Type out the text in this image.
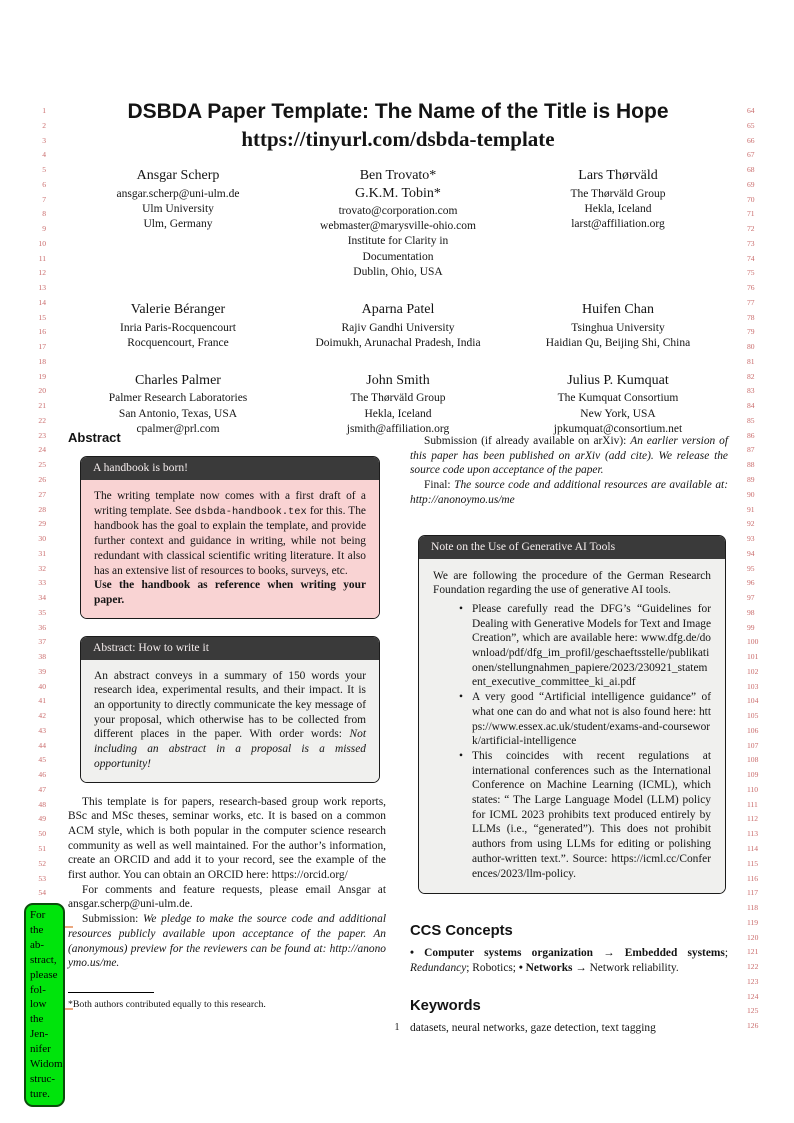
1
2
3
4
5
6
7
8
9
10
11
12
13
14
15
16
17
18
19
20
21
22
23
24
25
26
27
28
29
30
31
32
33
34
35
36
37
38
39
40
41
42
43
44
45
46
47
48
49
50
51
52
53
54
64
65
66
67
68
69
70
71
72
73
74
75
76
77
78
79
80
81
82
83
84
85
86
87
88
89
90
91
92
93
94
95
96
97
98
99
100
101
102
103
104
105
106
107
108
109
110
111
112
113
114
115
116
117
118
119
120
121
122
123
124
125
126
DSBDA Paper Template: The Name of the Title is Hope
https://tinyurl.com/dsbda-template
Ansgar Scherp
ansgar.scherp@uni-ulm.de
Ulm University
Ulm, Germany
Ben Trovato*
G.K.M. Tobin*
trovato@corporation.com
webmaster@marysville-ohio.com
Institute for Clarity in
Documentation
Dublin, Ohio, USA
Lars Thørväld
The Thørväld Group
Hekla, Iceland
larst@affiliation.org
Valerie Béranger
Inria Paris-Rocquencourt
Rocquencourt, France
Aparna Patel
Rajiv Gandhi University
Doimukh, Arunachal Pradesh, India
Huifen Chan
Tsinghua University
Haidian Qu, Beijing Shi, China
Charles Palmer
Palmer Research Laboratories
San Antonio, Texas, USA
cpalmer@prl.com
John Smith
The Thørväld Group
Hekla, Iceland
jsmith@affiliation.org
Julius P. Kumquat
The Kumquat Consortium
New York, USA
jpkumquat@consortium.net
Abstract
A handbook is born!
The writing template now comes with a first draft of a writing template. See dsbda-handbook.tex for this. The handbook has the goal to explain the template, and provide further context and guidance in writing, while not being redundant with classical scientific writing literature. It also has an extensive list of resources to books, surveys, etc.
Use the handbook as reference when writing your paper.
Abstract: How to write it
An abstract conveys in a summary of 150 words your research idea, experimental results, and their impact. It is an opportunity to directly communicate the key message of your proposal, which otherwise has to be collected from different places in the paper. With order words: Not including an abstract in a proposal is a missed opportunity!

This template is for papers, research-based group work reports, BSc and MSc theses, seminar works, etc. It is based on a common ACM style, which is both popular in the computer science research community as well as well maintained. For the author’s information, create an ORCID and add it to your record, see the example of the first author. You can obtain an ORCID here: https://orcid.org/

For comments and feature requests, please email Ansgar at ansgar.scherp@uni-ulm.de.

Submission: We pledge to make the source code and additional resources publicly available upon acceptance of the paper. An (anonymous) preview for the reviewers can be found at: http://anonoymo.us/me.

Submission (if already available on arXiv): An earlier version of this paper has been published on arXiv (add cite). We release the source code upon acceptance of the paper.

Final: The source code and additional resources are available at: http://anonoymo.us/me

Note on the Use of Generative AI Tools

We are following the procedure of the German Research Foundation regarding the use of generative AI tools.

• Please carefully read the DFG’s “Guidelines for Dealing with Generative Models for Text and Image Creation”, which are available here: www.dfg.de/download/pdf/dfg_im_profil/geschaeftsstelle/publikationen/stellungnahmen_papiere/2023/230921_statement_executive_committee_ki_ai.pdf
• A very good “Artificial intelligence guidance” of what one can do and what not is also found here: https://www.essex.ac.uk/student/exams-and-coursework/artificial-intelligence
• This coincides with recent regulations at international conferences such as the International Conference on Machine Learning (ICML), which states: “ The Large Language Model (LLM) policy for ICML 2023 prohibits text produced entirely by LLMs (i.e., “generated”). This does not prohibit authors from using LLMs for editing or polishing author-written text.”. Source: https://icml.cc/Conferences/2023/llm-policy.
CCS Concepts

• Computer systems organization → Embedded systems; Redundancy; Robotics; • Networks → Network reliability.

Keywords

datasets, neural networks, gaze detection, text tagging

*Both authors contributed equally to this research.
For
the
ab-
stract,
please
fol-
low
the
Jen-
nifer
Widom
struc-
ture.
1
